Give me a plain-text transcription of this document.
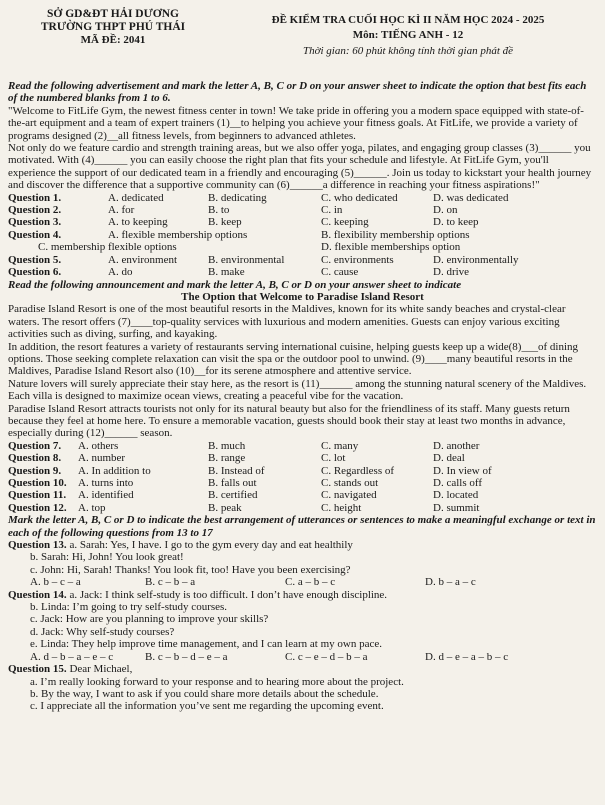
SỞ GD&ĐT HẢI DƯƠNG
TRƯỜNG THPT PHÚ THÁI
MÃ ĐỀ: 2041
ĐỀ KIỂM TRA CUỐI HỌC KÌ II NĂM HỌC 2024 - 2025
Môn: TIẾNG ANH - 12
Thời gian: 60 phút không tính thời gian phát đề

Read the following advertisement and mark the letter A, B, C or D on your answer sheet to indicate the option that best fits each of the numbered blanks from 1 to 6.

"Welcome to FitLife Gym, the newest fitness center in town! We take pride in offering you a modern space equipped with state-of-the-art equipment and a team of expert trainers (1)__to helping you achieve your fitness goals. At FitLife, we provide a variety of programs designed (2)__all fitness levels, from beginners to advanced athletes.

Not only do we feature cardio and strength training areas, but we also offer yoga, pilates, and engaging group classes (3)______ you motivated. With (4)______ you can easily choose the right plan that fits your schedule and lifestyle. At FitLife Gym, you'll experience the support of our dedicated team in a friendly and encouraging (5)______. Join us today to kickstart your health journey and discover the difference that a supportive community can (6)______a difference in reaching your fitness aspirations!"

Question 1.	A. dedicated	B. dedicating	C. who dedicated	D. was dedicated
Question 2.	A. for	B. to	C. in	D. on
Question 3.	A. to keeping	B. keep	C. keeping	D. to keep
Question 4.	A. flexible membership options	B. flexibility membership options
C. membership flexible options	D. flexible memberships option
Question 5.	A. environment	B. environmental	C. environments	D. environmentally
Question 6.	A. do	B. make	C. cause	D. drive

Read the following announcement and mark the letter A, B, C or D on your answer sheet to indicate

The Option that Welcome to Paradise Island Resort

Paradise Island Resort is one of the most beautiful resorts in the Maldives, known for its white sandy beaches and crystal-clear waters. The resort offers (7)____top-quality services with luxurious and modern amenities. Guests can enjoy various exciting activities such as diving, surfing, and kayaking.

In addition, the resort features a variety of restaurants serving international cuisine, helping guests keep up a wide(8)___of dining options. Those seeking complete relaxation can visit the spa or the outdoor pool to unwind. (9)____many beautiful resorts in the Maldives, Paradise Island Resort also (10)__for its serene atmosphere and attentive service.

Nature lovers will surely appreciate their stay here, as the resort is (11)______ among the stunning natural scenery of the Maldives. Each villa is designed to maximize ocean views, creating a peaceful vibe for the vacation.

Paradise Island Resort attracts tourists not only for its natural beauty but also for the friendliness of its staff. Many guests return because they feel at home here. To ensure a memorable vacation, guests should book their stay at least two months in advance, especially during (12)______ season.

Question 7.	A. others	B. much	C. many	D. another
Question 8.	A. number	B. range	C. lot	D. deal
Question 9.	A. In addition to	B. Instead of	C. Regardless of	D. In view of
Question 10.	A. turns into	B. falls out	C. stands out	D. calls off
Question 11.	A. identified	B. certified	C. navigated	D. located
Question 12.	A. top	B. peak	C. height	D. summit

Mark the letter A, B, C or D to indicate the best arrangement of utterances or sentences to make a meaningful exchange or text in each of the following questions from 13 to 17

Question 13. a. Sarah: Yes, I have. I go to the gym every day and eat healthily

b. Sarah: Hi, John! You look great!

c. John: Hi, Sarah! Thanks! You look fit, too! Have you been exercising?

A. b – c – a	B. c – b – a	C. a – b – c	D. b – a – c

Question 14. a. Jack: I think self-study is too difficult. I don’t have enough discipline.

b. Linda: I’m going to try self-study courses.

c. Jack: How are you planning to improve your skills?

d. Jack: Why self-study courses?

e. Linda: They help improve time management, and I can learn at my own pace.

A. d – b – a – e – c	B. c – b – d – e – a	C. c – e – d – b – a	D. d – e – a – b – c

Question 15. Dear Michael,

a. I’m really looking forward to your response and to hearing more about the project.

b. By the way, I want to ask if you could share more details about the schedule.

c. I appreciate all the information you’ve sent me regarding the upcoming event.
